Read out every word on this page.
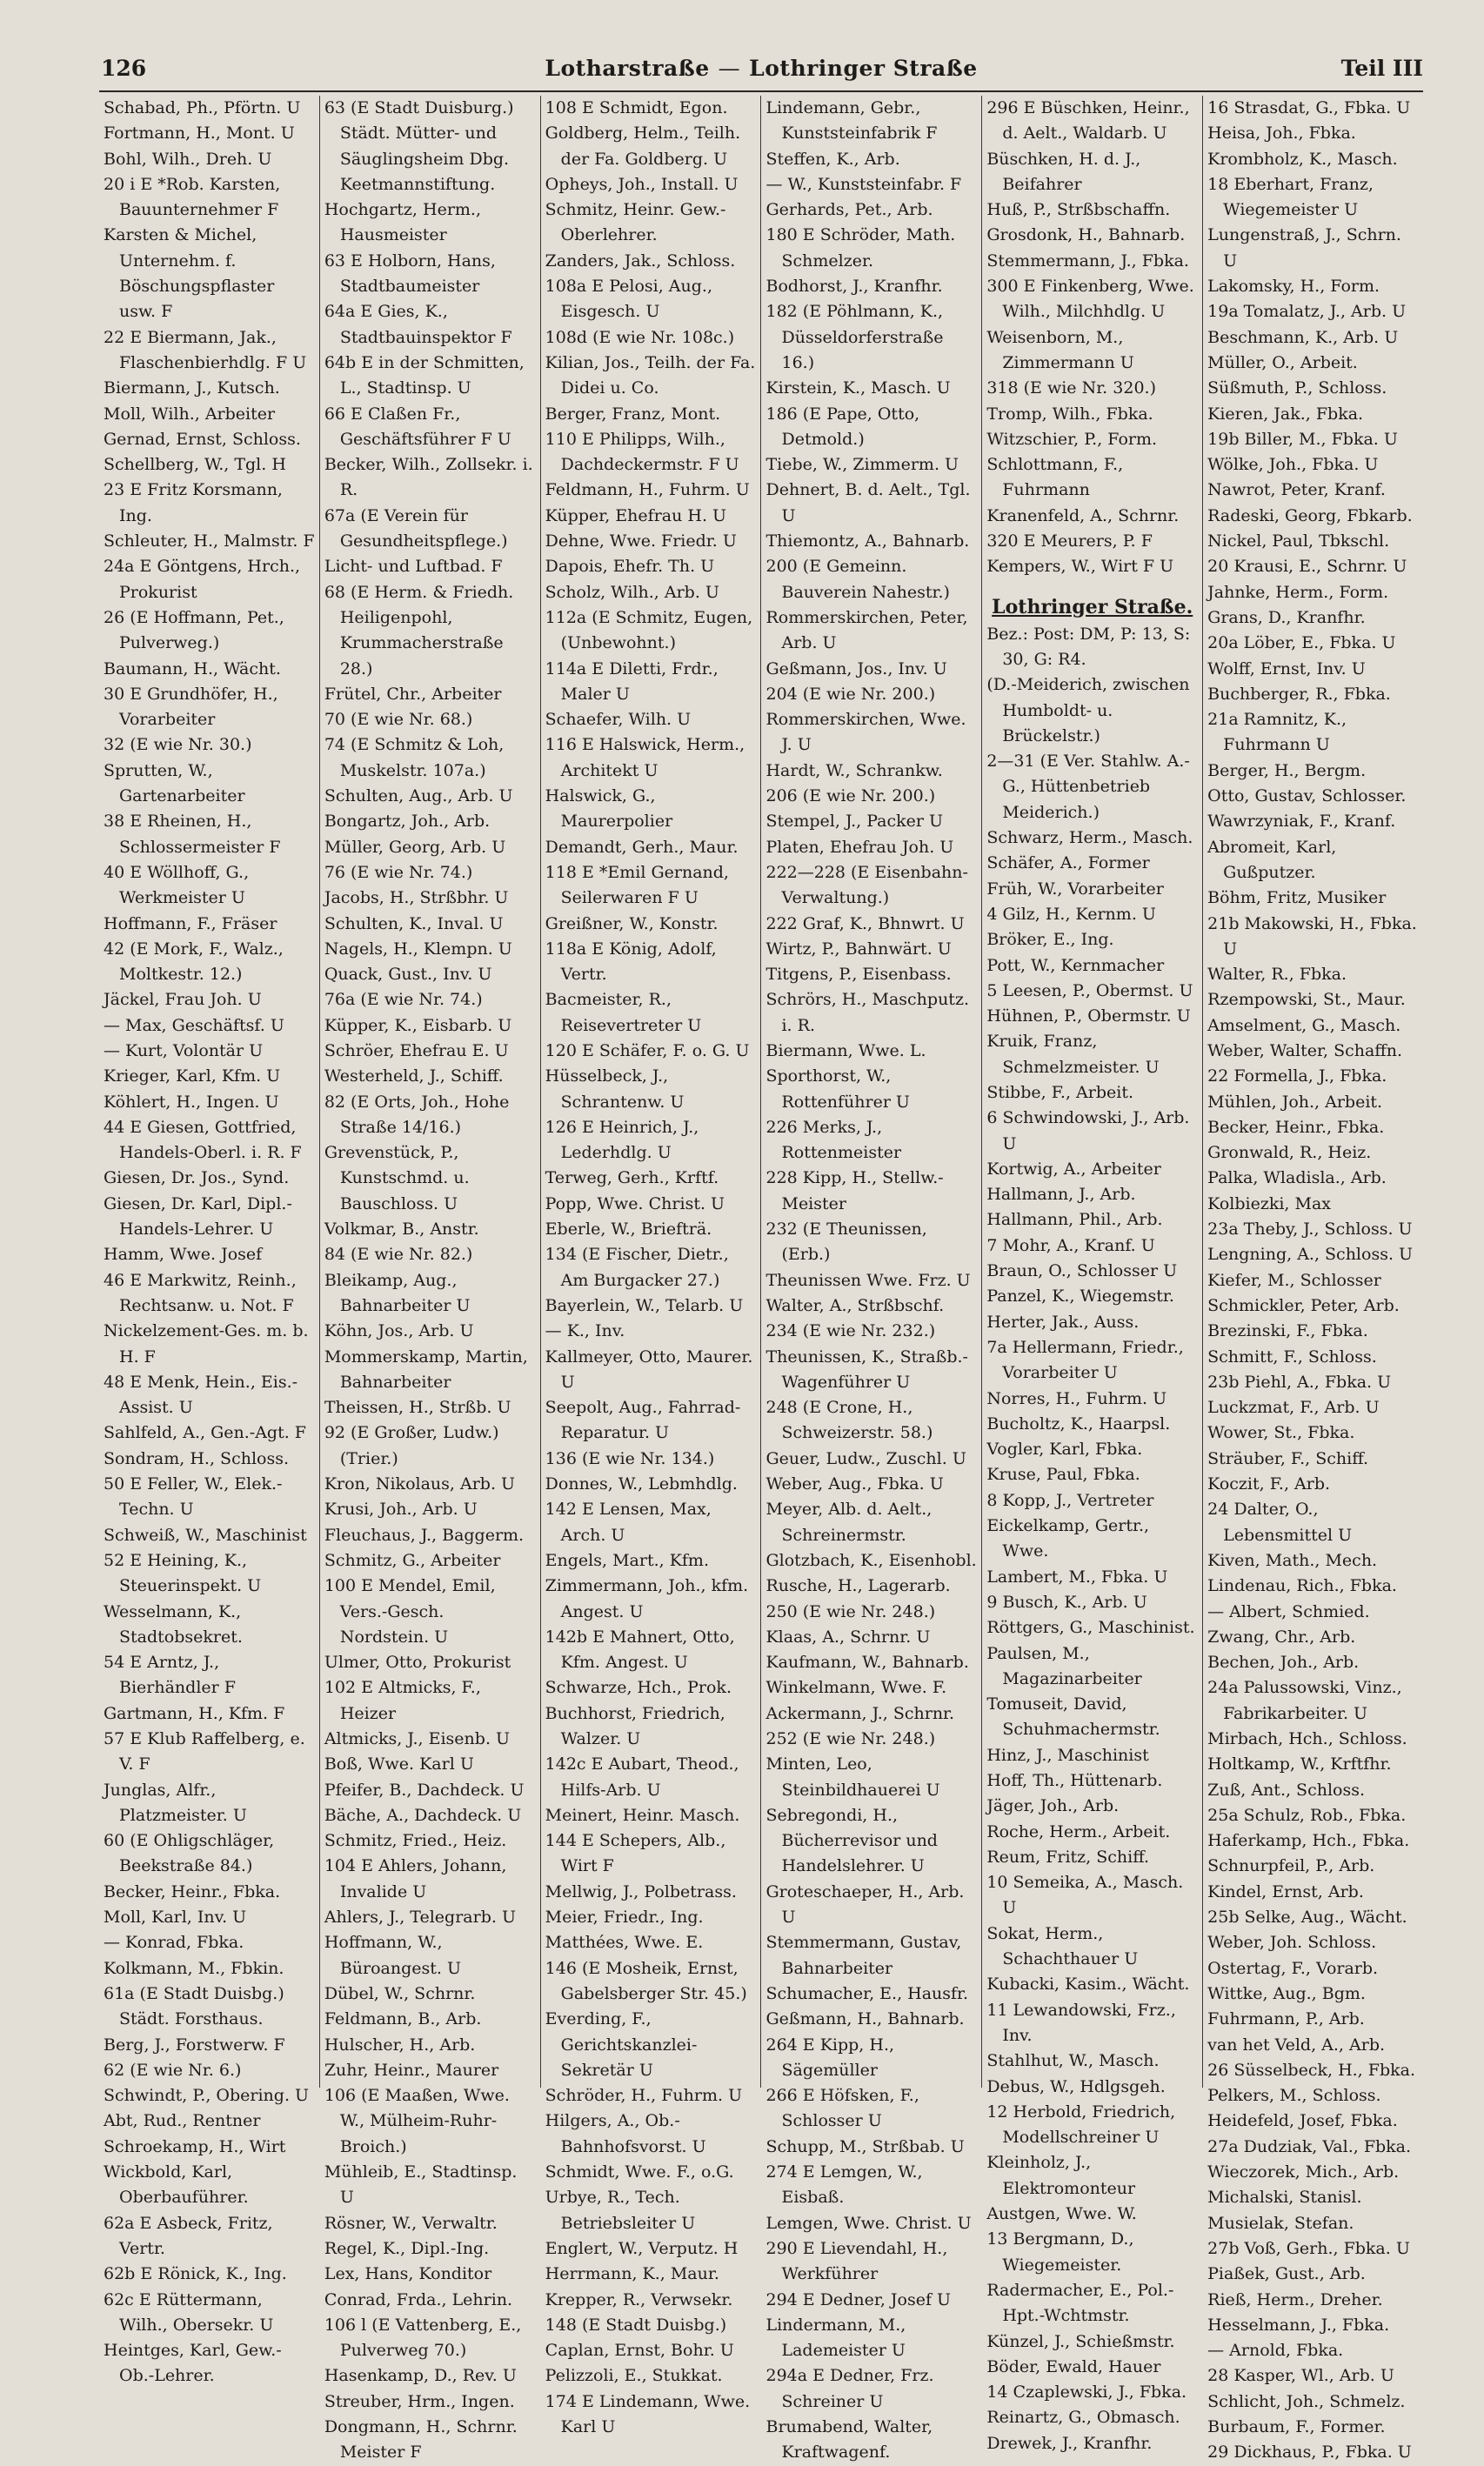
126	Lotharstraße — Lothringer Straße	Teil III
Schabad, Ph., Pförtn. U
Fortmann, H., Mont. U
Bohl, Wilh., Dreh. U
20 i E *Rob. Karsten, Bauunternehmer F
Karsten & Michel, Unternehm. f. Böschungspflaster usw. F
22 E Biermann, Jak., Flaschenbierhdlg. F U
Biermann, J., Kutsch.
Moll, Wilh., Arbeiter
Gernad, Ernst, Schloss.
Schellberg, W., Tgl. H
23 E Fritz Korsmann, Ing.
Schleuter, H., Malmstr. F
24a E Göntgens, Hrch., Prokurist
26 (E Hoffmann, Pet., Pulverweg.)
Baumann, H., Wächt.
30 E Grundhöfer, H., Vorarbeiter
32 (E wie Nr. 30.)
Sprutten, W., Gartenarbeiter
38 E Rheinen, H., Schlossermeister F
40 E Wöllhoff, G., Werkmeister U
Hoffmann, F., Fräser
42 (E Mork, F., Walz., Moltkestr. 12.)
Jäckel, Frau Joh. U
— Max, Geschäftsf. U
— Kurt, Volontär U
Krieger, Karl, Kfm. U
Köhlert, H., Ingen. U
44 E Giesen, Gottfried, Handels-Oberl. i. R. F
Giesen, Dr. Jos., Synd.
Giesen, Dr. Karl, Dipl.-Handels-Lehrer. U
Hamm, Wwe. Josef
46 E Markwitz, Reinh., Rechtsanw. u. Not. F
Nickelzement-Ges. m. b. H. F
48 E Menk, Hein., Eis.-Assist. U
Sahlfeld, A., Gen.-Agt. F
Sondram, H., Schloss.
50 E Feller, W., Elek.-Techn. U
Schweiß, W., Maschinist
52 E Heining, K., Steuerinspekt. U
Wesselmann, K., Stadtobsekret.
54 E Arntz, J., Bierhändler F
Gartmann, H., Kfm. F
57 E Klub Raffelberg, e. V. F
Junglas, Alfr., Platzmeister. U
60 (E Ohligschläger, Beekstraße 84.)
Becker, Heinr., Fbka.
Moll, Karl, Inv. U
— Konrad, Fbka.
Kolkmann, M., Fbkin.
61a (E Stadt Duisbg.) Städt. Forsthaus.
Berg, J., Forstwerw. F
62 (E wie Nr. 6.)
Schwindt, P., Obering. U
Abt, Rud., Rentner
Schroekamp, H., Wirt
Wickbold, Karl, Oberbauführer.
62a E Asbeck, Fritz, Vertr.
62b E Rönick, K., Ing.
62c E Rüttermann, Wilh., Obersekr. U
Heintges, Karl, Gew.-Ob.-Lehrer.
63 (E Stadt Duisburg.) Städt. Mütter- und Säuglingsheim Dbg. Keetmannstiftung.
Hochgartz, Herm., Hausmeister
63 E Holborn, Hans, Stadtbaumeister
64a E Gies, K., Stadtbauinspektor F
64b E in der Schmitten, L., Stadtinsp. U
66 E Claßen Fr., Geschäftsführer F U
Becker, Wilh., Zollsekr. i. R.
67a (E Verein für Gesundheitspflege.)
Licht- und Luftbad. F
68 (E Herm. & Friedh. Heiligenpohl, Krummacherstraße 28.)
Frütel, Chr., Arbeiter
70 (E wie Nr. 68.)
74 (E Schmitz & Loh, Muskelstr. 107a.)
Schulten, Aug., Arb. U
Bongartz, Joh., Arb.
Müller, Georg, Arb. U
76 (E wie Nr. 74.)
Jacobs, H., Strßbhr. U
Schulten, K., Inval. U
Nagels, H., Klempn. U
Quack, Gust., Inv. U
76a (E wie Nr. 74.)
Küpper, K., Eisbarb. U
Schröer, Ehefrau E. U
Westerheld, J., Schiff.
82 (E Orts, Joh., Hohe Straße 14/16.)
Grevenstück, P., Kunstschmd. u. Bauschloss. U
Volkmar, B., Anstr.
84 (E wie Nr. 82.)
Bleikamp, Aug., Bahnarbeiter U
Köhn, Jos., Arb. U
Mommerskamp, Martin, Bahnarbeiter
Theissen, H., Strßb. U
92 (E Großer, Ludw.) (Trier.)
Kron, Nikolaus, Arb. U
Krusi, Joh., Arb. U
Fleuchaus, J., Baggerm.
Schmitz, G., Arbeiter
100 E Mendel, Emil, Vers.-Gesch. Nordstein. U
Ulmer, Otto, Prokurist
102 E Altmicks, F., Heizer
Altmicks, J., Eisenb. U
Boß, Wwe. Karl U
Pfeifer, B., Dachdeck. U
Bäche, A., Dachdeck. U
Schmitz, Fried., Heiz.
104 E Ahlers, Johann, Invalide U
Ahlers, J., Telegrarb. U
Hoffmann, W., Büroangest. U
Dübel, W., Schrnr.
Feldmann, B., Arb.
Hulscher, H., Arb.
Zuhr, Heinr., Maurer
106 (E Maaßen, Wwe. W., Mülheim-Ruhr-Broich.)
Mühleib, E., Stadtinsp. U
Rösner, W., Verwaltr.
Regel, K., Dipl.-Ing.
Lex, Hans, Konditor
Conrad, Frda., Lehrin.
106 l (E Vattenberg, E., Pulverweg 70.)
Hasenkamp, D., Rev. U
Streuber, Hrm., Ingen.
Dongmann, H., Schrnr. Meister F
108 E Schmidt, Egon.
Goldberg, Helm., Teilh. der Fa. Goldberg. U
Opheys, Joh., Install. U
Schmitz, Heinr. Gew.-Oberlehrer.
Zanders, Jak., Schloss.
108a E Pelosi, Aug., Eisgesch. U
108d (E wie Nr. 108c.)
Kilian, Jos., Teilh. der Fa. Didei u. Co.
Berger, Franz, Mont.
110 E Philipps, Wilh., Dachdeckermstr. F U
Feldmann, H., Fuhrm. U
Küpper, Ehefrau H. U
Dehne, Wwe. Friedr. U
Dapois, Ehefr. Th. U
Scholz, Wilh., Arb. U
112a (E Schmitz, Eugen, (Unbewohnt.)
114a E Diletti, Frdr., Maler U
Schaefer, Wilh. U
116 E Halswick, Herm., Architekt U
Halswick, G., Maurerpolier
Demandt, Gerh., Maur.
118 E *Emil Gernand, Seilerwaren F U
Greißner, W., Konstr.
118a E König, Adolf, Vertr.
Bacmeister, R., Reisevertreter U
120 E Schäfer, F. o. G. U
Hüsselbeck, J., Schrantenw. U
126 E Heinrich, J., Lederhdlg. U
Terweg, Gerh., Krftf.
Popp, Wwe. Christ. U
Eberle, W., Briefträ.
134 (E Fischer, Dietr., Am Burgacker 27.)
Bayerlein, W., Telarb. U
— K., Inv.
Kallmeyer, Otto, Maurer. U
Seepolt, Aug., Fahrrad-Reparatur. U
136 (E wie Nr. 134.)
Donnes, W., Lebmhdlg.
142 E Lensen, Max, Arch. U
Engels, Mart., Kfm.
Zimmermann, Joh., kfm. Angest. U
142b E Mahnert, Otto, Kfm. Angest. U
Schwarze, Hch., Prok.
Buchhorst, Friedrich, Walzer. U
142c E Aubart, Theod., Hilfs-Arb. U
Meinert, Heinr. Masch.
144 E Schepers, Alb., Wirt F
Mellwig, J., Polbetrass.
Meier, Friedr., Ing.
Matthées, Wwe. E.
146 (E Mosheik, Ernst, Gabelsberger Str. 45.)
Everding, F., Gerichtskanzlei-Sekretär U
Schröder, H., Fuhrm. U
Hilgers, A., Ob.-Bahnhofsvorst. U
Schmidt, Wwe. F., o.G.
Urbye, R., Tech. Betriebsleiter U
Englert, W., Verputz. H
Herrmann, K., Maur.
Krepper, R., Verwsekr.
148 (E Stadt Duisbg.)
Caplan, Ernst, Bohr. U
Pelizzoli, E., Stukkat.
174 E Lindemann, Wwe. Karl U
Lindemann, Gebr., Kunststeinfabrik F
Steffen, K., Arb.
— W., Kunststeinfabr. F
Gerhards, Pet., Arb.
180 E Schröder, Math. Schmelzer.
Bodhorst, J., Kranfhr.
182 (E Pöhlmann, K., Düsseldorferstraße 16.)
Kirstein, K., Masch. U
186 (E Pape, Otto, Detmold.)
Tiebe, W., Zimmerm. U
Dehnert, B. d. Aelt., Tgl. U
Thiemontz, A., Bahnarb.
200 (E Gemeinn. Bauverein Nahestr.)
Rommerskirchen, Peter, Arb. U
Geßmann, Jos., Inv. U
204 (E wie Nr. 200.)
Rommerskirchen, Wwe. J. U
Hardt, W., Schrankw.
206 (E wie Nr. 200.)
Stempel, J., Packer U
Platen, Ehefrau Joh. U
222—228 (E Eisenbahn-Verwaltung.)
222 Graf, K., Bhnwrt. U
Wirtz, P., Bahnwärt. U
Titgens, P., Eisenbass.
Schrörs, H., Maschputz. i. R.
Biermann, Wwe. L.
Sporthorst, W., Rottenführer U
226 Merks, J., Rottenmeister
228 Kipp, H., Stellw.-Meister
232 (E Theunissen, (Erb.)
Theunissen Wwe. Frz. U
Walter, A., Strßbschf.
234 (E wie Nr. 232.)
Theunissen, K., Straßb.-Wagenführer U
248 (E Crone, H., Schweizerstr. 58.)
Geuer, Ludw., Zuschl. U
Weber, Aug., Fbka. U
Meyer, Alb. d. Aelt., Schreinermstr.
Glotzbach, K., Eisenhobl.
Rusche, H., Lagerarb.
250 (E wie Nr. 248.)
Klaas, A., Schrnr. U
Kaufmann, W., Bahnarb.
Winkelmann, Wwe. F.
Ackermann, J., Schrnr.
252 (E wie Nr. 248.)
Minten, Leo, Steinbildhauerei U
Sebregondi, H., Bücherrevisor und Handelslehrer. U
Groteschaeper, H., Arb. U
Stemmermann, Gustav, Bahnarbeiter
Schumacher, E., Hausfr.
Geßmann, H., Bahnarb.
264 E Kipp, H., Sägemüller
266 E Höfsken, F., Schlosser U
Schupp, M., Strßbab. U
274 E Lemgen, W., Eisbaß.
Lemgen, Wwe. Christ. U
290 E Lievendahl, H., Werkführer
294 E Dedner, Josef U
Lindermann, M., Lademeister U
294a E Dedner, Frz. Schreiner U
Brumabend, Walter, Kraftwagenf.
296 E Büschken, Heinr., d. Aelt., Waldarb. U
Büschken, H. d. J., Beifahrer
Huß, P., Strßbschaffn.
Grosdonk, H., Bahnarb.
Stemmermann, J., Fbka.
300 E Finkenberg, Wwe. Wilh., Milchhdlg. U
Weisenborn, M., Zimmermann U
318 (E wie Nr. 320.)
Tromp, Wilh., Fbka.
Witzschier, P., Form.
Schlottmann, F., Fuhrmann
Kranenfeld, A., Schrnr.
320 E Meurers, P. F
Kempers, W., Wirt F U
Lothringer Straße.
Bez.: Post: DM, P: 13, S: 30, G: R4.
(D.-Meiderich, zwischen Humboldt- u. Brückelstr.)
2—31 (E Ver. Stahlw. A.-G., Hüttenbetrieb Meiderich.)
Schwarz, Herm., Masch.
Schäfer, A., Former
Früh, W., Vorarbeiter
4 Gilz, H., Kernm. U
Bröker, E., Ing.
Pott, W., Kernmacher
5 Leesen, P., Obermst. U
Hühnen, P., Obermstr. U
Kruik, Franz, Schmelzmeister. U
Stibbe, F., Arbeit.
6 Schwindowski, J., Arb. U
Kortwig, A., Arbeiter
Hallmann, J., Arb.
Hallmann, Phil., Arb.
7 Mohr, A., Kranf. U
Braun, O., Schlosser U
Panzel, K., Wiegemstr.
Herter, Jak., Auss.
7a Hellermann, Friedr., Vorarbeiter U
Norres, H., Fuhrm. U
Bucholtz, K., Haarpsl.
Vogler, Karl, Fbka.
Kruse, Paul, Fbka.
8 Kopp, J., Vertreter
Eickelkamp, Gertr., Wwe.
Lambert, M., Fbka. U
9 Busch, K., Arb. U
Röttgers, G., Maschinist.
Paulsen, M., Magazinarbeiter
Tomuseit, David, Schuhmachermstr.
Hinz, J., Maschinist
Hoff, Th., Hüttenarb.
Jäger, Joh., Arb.
Roche, Herm., Arbeit.
Reum, Fritz, Schiff.
10 Semeika, A., Masch. U
Sokat, Herm., Schachthauer U
Kubacki, Kasim., Wächt.
11 Lewandowski, Frz., Inv.
Stahlhut, W., Masch.
Debus, W., Hdlgsgeh.
12 Herbold, Friedrich, Modellschreiner U
Kleinholz, J., Elektromonteur
Austgen, Wwe. W.
13 Bergmann, D., Wiegemeister.
Radermacher, E., Pol.-Hpt.-Wchtmstr.
Künzel, J., Schießmstr.
Böder, Ewald, Hauer
14 Czaplewski, J., Fbka.
Reinartz, G., Obmasch.
Drewek, J., Kranfhr.
16 Strasdat, G., Fbka. U
Heisa, Joh., Fbka.
Krombholz, K., Masch.
18 Eberhart, Franz, Wiegemeister U
Lungenstraß, J., Schrn. U
Lakomsky, H., Form.
19a Tomalatz, J., Arb. U
Beschmann, K., Arb. U
Müller, O., Arbeit.
Süßmuth, P., Schloss.
Kieren, Jak., Fbka.
19b Biller, M., Fbka. U
Wölke, Joh., Fbka. U
Nawrot, Peter, Kranf.
Radeski, Georg, Fbkarb.
Nickel, Paul, Tbkschl.
20 Krausi, E., Schrnr. U
Jahnke, Herm., Form.
Grans, D., Kranfhr.
20a Löber, E., Fbka. U
Wolff, Ernst, Inv. U
Buchberger, R., Fbka.
21a Ramnitz, K., Fuhrmann U
Berger, H., Bergm.
Otto, Gustav, Schlosser.
Wawrzyniak, F., Kranf.
Abromeit, Karl, Gußputzer.
Böhm, Fritz, Musiker
21b Makowski, H., Fbka. U
Walter, R., Fbka.
Rzempowski, St., Maur.
Amselment, G., Masch.
Weber, Walter, Schaffn.
22 Formella, J., Fbka.
Mühlen, Joh., Arbeit.
Becker, Heinr., Fbka.
Gronwald, R., Heiz.
Palka, Wladisla., Arb.
Kolbiezki, Max
23a Theby, J., Schloss. U
Lengning, A., Schloss. U
Kiefer, M., Schlosser
Schmickler, Peter, Arb.
Brezinski, F., Fbka.
Schmitt, F., Schloss.
23b Piehl, A., Fbka. U
Luckzmat, F., Arb. U
Wower, St., Fbka.
Sträuber, F., Schiff.
Koczit, F., Arb.
24 Dalter, O., Lebensmittel U
Kiven, Math., Mech.
Lindenau, Rich., Fbka.
— Albert, Schmied.
Zwang, Chr., Arb.
Bechen, Joh., Arb.
24a Palussowski, Vinz., Fabrikarbeiter. U
Mirbach, Hch., Schloss.
Holtkamp, W., Krftfhr.
Zuß, Ant., Schloss.
25a Schulz, Rob., Fbka.
Haferkamp, Hch., Fbka.
Schnurpfeil, P., Arb.
Kindel, Ernst, Arb.
25b Selke, Aug., Wächt.
Weber, Joh. Schloss.
Ostertag, F., Vorarb.
Wittke, Aug., Bgm.
Fuhrmann, P., Arb.
van het Veld, A., Arb.
26 Süsselbeck, H., Fbka.
Pelkers, M., Schloss.
Heidefeld, Josef, Fbka.
27a Dudziak, Val., Fbka.
Wieczorek, Mich., Arb.
Michalski, Stanisl.
Musielak, Stefan.
27b Voß, Gerh., Fbka. U
Piaßek, Gust., Arb.
Rieß, Herm., Dreher.
Hesselmann, J., Fbka.
— Arnold, Fbka.
28 Kasper, Wl., Arb. U
Schlicht, Joh., Schmelz.
Burbaum, F., Former.
29 Dickhaus, P., Fbka. U
